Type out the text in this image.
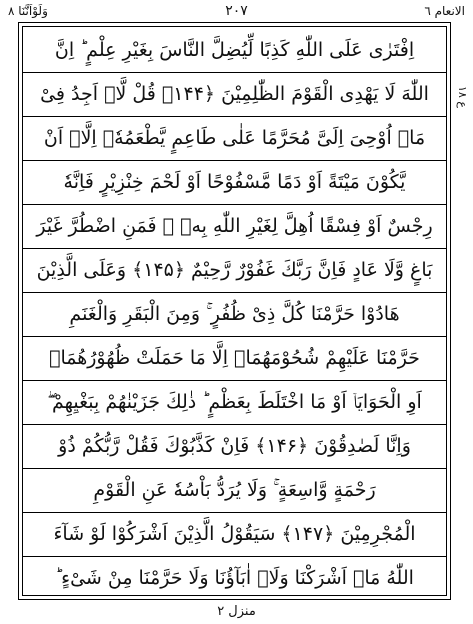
وَلَوْاَنَّنَا ٨	٢٠٧	الانعام ٦
اِفْتَرٰى عَلَى اللّٰهِ كَذِبًا لِّيُضِلَّ النَّاسَ بِغَيْرِ عِلْمٍ ؕ اِنَّ
اللّٰهَ لَا يَهْدِى الْقَوْمَ الظّٰلِمِيْنَ ﴿۱۴۴﴾ قُلْ لَّاۤ اَجِدُ فِىْ
مَاۤ اُوْحِىَ اِلَىَّ مُحَرَّمًا عَلٰى طَاعِمٍ يَّطْعَمُهٗۤ اِلَّاۤ اَنْ
يَّكُوْنَ مَيْتَةً اَوْ دَمًا مَّسْفُوْحًا اَوْ لَحْمَ خِنْزِيْرٍ فَاِنَّهٗ
رِجْسٌ اَوْ فِسْقًا اُهِلَّ لِغَيْرِ اللّٰهِ بِهٖ ۚ فَمَنِ اضْطُرَّ غَيْرَ
بَاغٍ وَّلَا عَادٍ فَاِنَّ رَبَّكَ غَفُوْرٌ رَّحِيْمٌ ﴿۱۴۵﴾ وَعَلَى الَّذِيْنَ
هَادُوْا حَرَّمْنَا كُلَّ ذِىْ ظُفُرٍ ۚ وَمِنَ الْبَقَرِ وَالْغَنَمِ
حَرَّمْنَا عَلَيْهِمْ شُحُوْمَهُمَاۤ اِلَّا مَا حَمَلَتْ ظُهُوْرُهُمَاۤ
اَوِ الْحَوَايَاۤ اَوْ مَا اخْتَلَطَ بِعَظْمٍ ؕ ذٰلِكَ جَزَيْنٰهُمْ بِبَغْيِهِمْ ۖ
وَاِنَّا لَصٰدِقُوْنَ ﴿۱۴۶﴾ فَاِنْ كَذَّبُوْكَ فَقُلْ رَّبُّكُمْ ذُوْ
رَحْمَةٍ وَّاسِعَةٍ ۚ وَلَا يُرَدُّ بَاْسُهٗ عَنِ الْقَوْمِ
الْمُجْرِمِيْنَ ﴿۱۴۷﴾ سَيَقُوْلُ الَّذِيْنَ اَشْرَكُوْا لَوْ شَآءَ
اللّٰهُ مَاۤ اَشْرَكْنَا وَلَاۤ اٰبَآؤُنَا وَلَا حَرَّمْنَا مِنْ شَىْءٍ ؕ
ع ١٨
منزل ٢
